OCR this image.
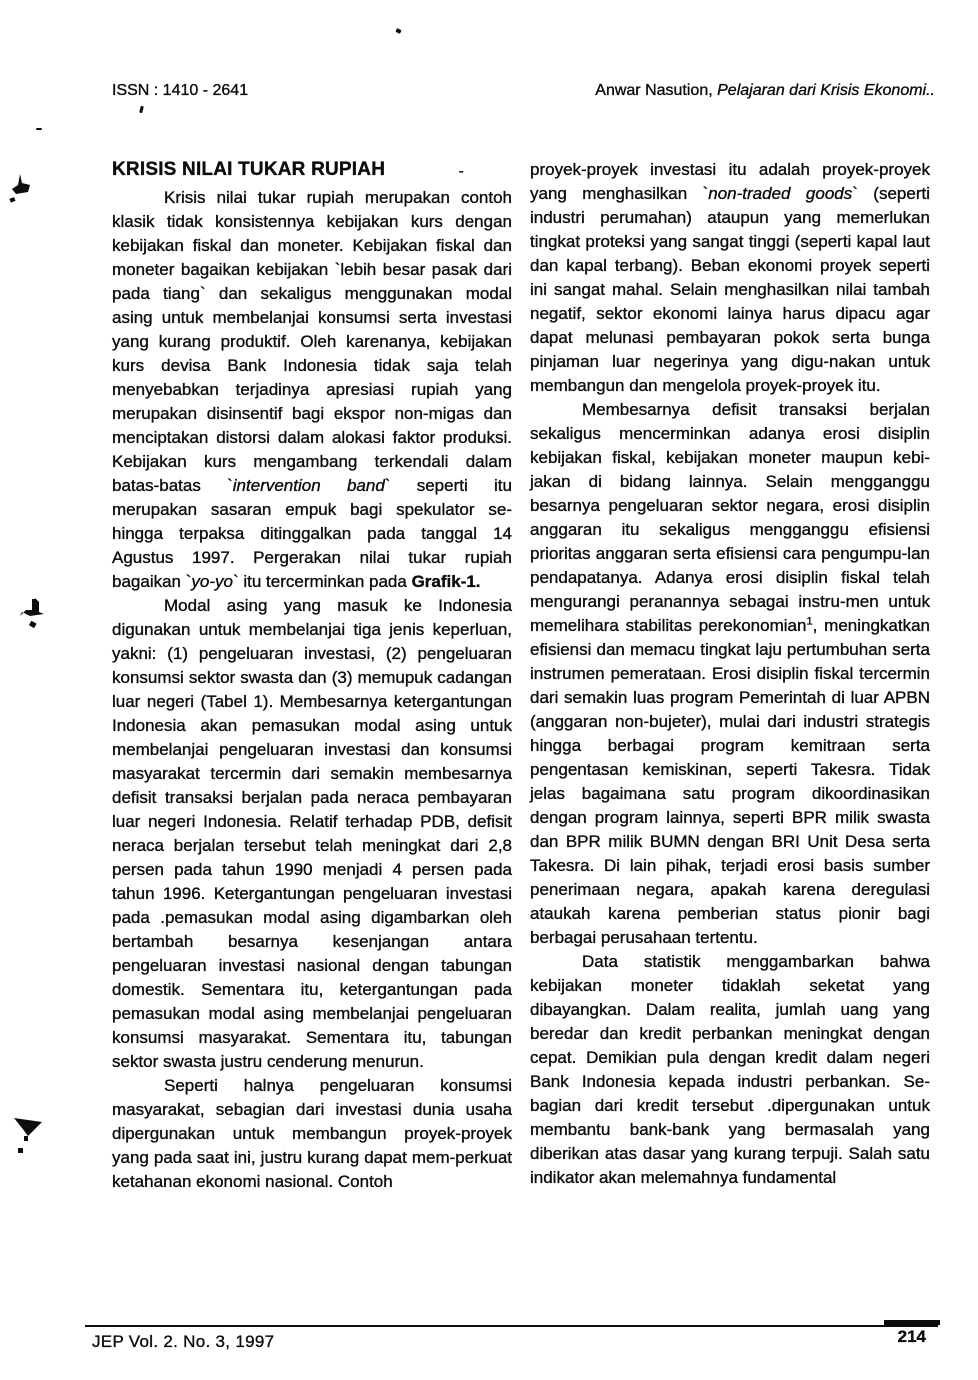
ISSN : 1410 - 2641	Anwar Nasution, Pelajaran dari Krisis Ekonomi..
KRISIS NILAI TUKAR RUPIAH	-

Krisis nilai tukar rupiah merupakan contoh klasik tidak konsistennya kebijakan kurs dengan kebijakan fiskal dan moneter. Kebijakan fiskal dan moneter bagaikan kebijakan `lebih besar pasak dari pada tiang` dan sekaligus menggunakan modal asing untuk membelanjai konsumsi serta investasi yang kurang produktif. Oleh karenanya, kebijakan kurs devisa Bank Indonesia tidak saja telah menyebabkan terjadinya apresiasi rupiah yang merupakan disinsentif bagi ekspor non-migas dan menciptakan distorsi dalam alokasi faktor produksi. Kebijakan kurs mengambang terkendali dalam batas-batas `intervention band` seperti itu merupakan sasaran empuk bagi spekulator se-hingga terpaksa ditinggalkan pada tanggal 14 Agustus 1997. Pergerakan nilai tukar rupiah bagaikan `yo-yo` itu tercerminkan pada Grafik-1.

Modal asing yang masuk ke Indonesia digunakan untuk membelanjai tiga jenis keperluan, yakni: (1) pengeluaran investasi, (2) pengeluaran konsumsi sektor swasta dan (3) memupuk cadangan luar negeri (Tabel 1). Membesarnya ketergantungan Indonesia akan pemasukan modal asing untuk membelanjai pengeluaran investasi dan konsumsi masyarakat tercermin dari semakin membesarnya defisit transaksi berjalan pada neraca pembayaran luar negeri Indonesia. Relatif terhadap PDB, defisit neraca berjalan tersebut telah meningkat dari 2,8 persen pada tahun 1990 menjadi 4 persen pada tahun 1996. Ketergantungan pengeluaran investasi pada .pemasukan modal asing digambarkan oleh bertambah besarnya kesenjangan antara pengeluaran investasi nasional dengan tabungan domestik. Sementara itu, ketergantungan pada pemasukan modal asing membelanjai pengeluaran konsumsi masyarakat. Sementara itu, tabungan sektor swasta justru cenderung menurun.

Seperti halnya pengeluaran konsumsi masyarakat, sebagian dari investasi dunia usaha dipergunakan untuk membangun proyek-proyek yang pada saat ini, justru kurang dapat mem-perkuat ketahanan ekonomi nasional. Contoh

proyek-proyek investasi itu adalah proyek-proyek yang menghasilkan `non-traded goods` (seperti industri perumahan) ataupun yang memerlukan tingkat proteksi yang sangat tinggi (seperti kapal laut dan kapal terbang). Beban ekonomi proyek seperti ini sangat mahal. Selain menghasilkan nilai tambah negatif, sektor ekonomi lainya harus dipacu agar dapat melunasi pembayaran pokok serta bunga pinjaman luar negerinya yang digu-nakan untuk membangun dan mengelola proyek-proyek itu.

Membesarnya defisit transaksi berjalan sekaligus mencerminkan adanya erosi disiplin kebijakan fiskal, kebijakan moneter maupun kebi-jakan di bidang lainnya. Selain mengganggu besarnya pengeluaran sektor negara, erosi disiplin anggaran itu sekaligus mengganggu efisiensi prioritas anggaran serta efisiensi cara pengumpu-lan pendapatanya. Adanya erosi disiplin fiskal telah mengurangi peranannya sebagai instru-men untuk memelihara stabilitas perekonomian$^1$, meningkatkan efisiensi dan memacu tingkat laju pertumbuhan serta instrumen pemerataan. Erosi disiplin fiskal tercermin dari semakin luas program Pemerintah di luar APBN (anggaran non-bujeter), mulai dari industri strategis hingga berbagai program kemitraan serta pengentasan kemiskinan, seperti Takesra. Tidak jelas bagaimana satu program dikoordinasikan dengan program lainnya, seperti BPR milik swasta dan BPR milik BUMN dengan BRI Unit Desa serta Takesra. Di lain pihak, terjadi erosi basis sumber penerimaan negara, apakah karena deregulasi ataukah karena pemberian status pionir bagi berbagai perusahaan tertentu.

Data statistik menggambarkan bahwa kebijakan moneter tidaklah seketat yang dibayangkan. Dalam realita, jumlah uang yang beredar dan kredit perbankan meningkat dengan cepat. Demikian pula dengan kredit dalam negeri Bank Indonesia kepada industri perbankan. Se-bagian dari kredit tersebut .dipergunakan untuk membantu bank-bank yang bermasalah yang diberikan atas dasar yang kurang terpuji. Salah satu indikator akan melemahnya fundamental

JEP Vol. 2. No. 3, 1997	214
